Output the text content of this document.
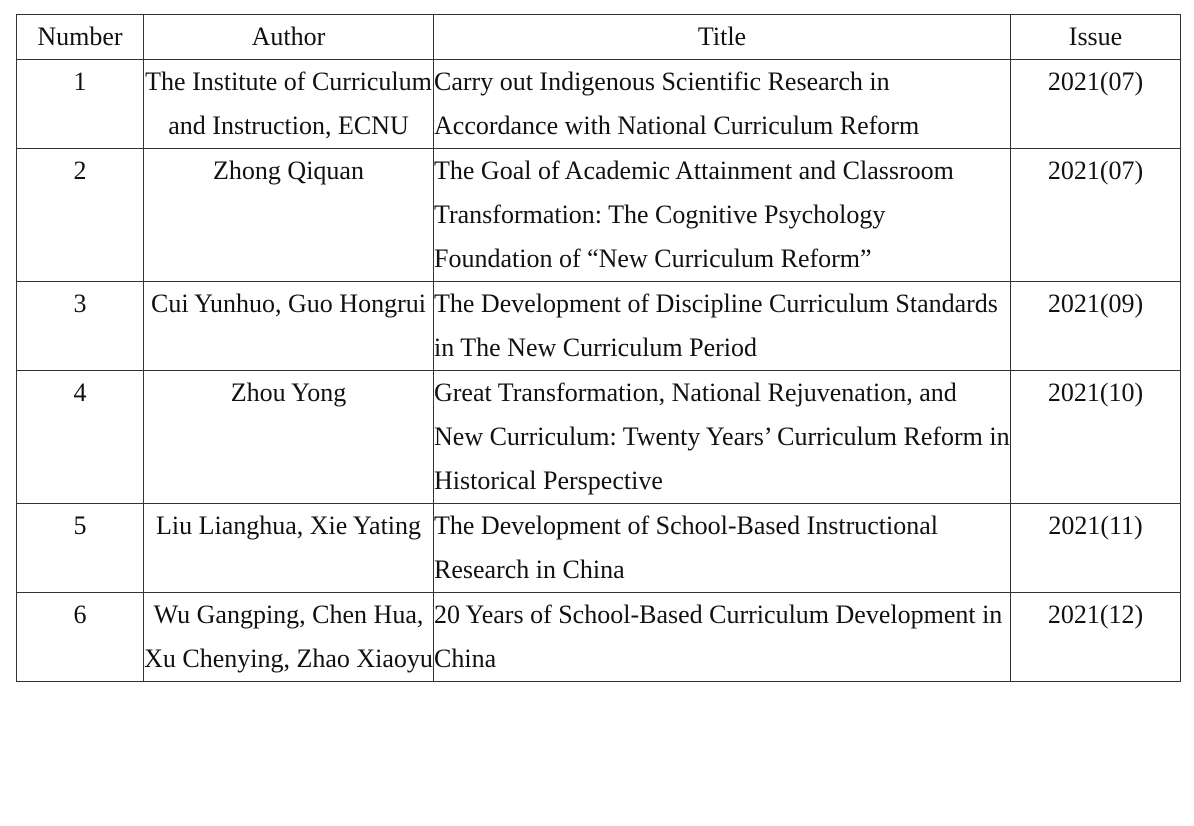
Number	Author	Title	Issue
1	The Institute of Curriculum and Instruction, ECNU	Carry out Indigenous Scientific Research in Accordance with National Curriculum Reform	2021(07)
2	Zhong Qiquan	The Goal of Academic Attainment and Classroom Transformation: The Cognitive Psychology Foundation of “New Curriculum Reform”	2021(07)
3	Cui Yunhuo, Guo Hongrui	The Development of Discipline Curriculum Standards in The New Curriculum Period	2021(09)
4	Zhou Yong	Great Transformation, National Rejuvenation, and New Curriculum: Twenty Years’ Curriculum Reform in Historical Perspective	2021(10)
5	Liu Lianghua, Xie Yating	The Development of School-Based Instructional Research in China	2021(11)
6	Wu Gangping, Chen Hua, Xu Chenying, Zhao Xiaoyu	20 Years of School-Based Curriculum Development in China	2021(12)
